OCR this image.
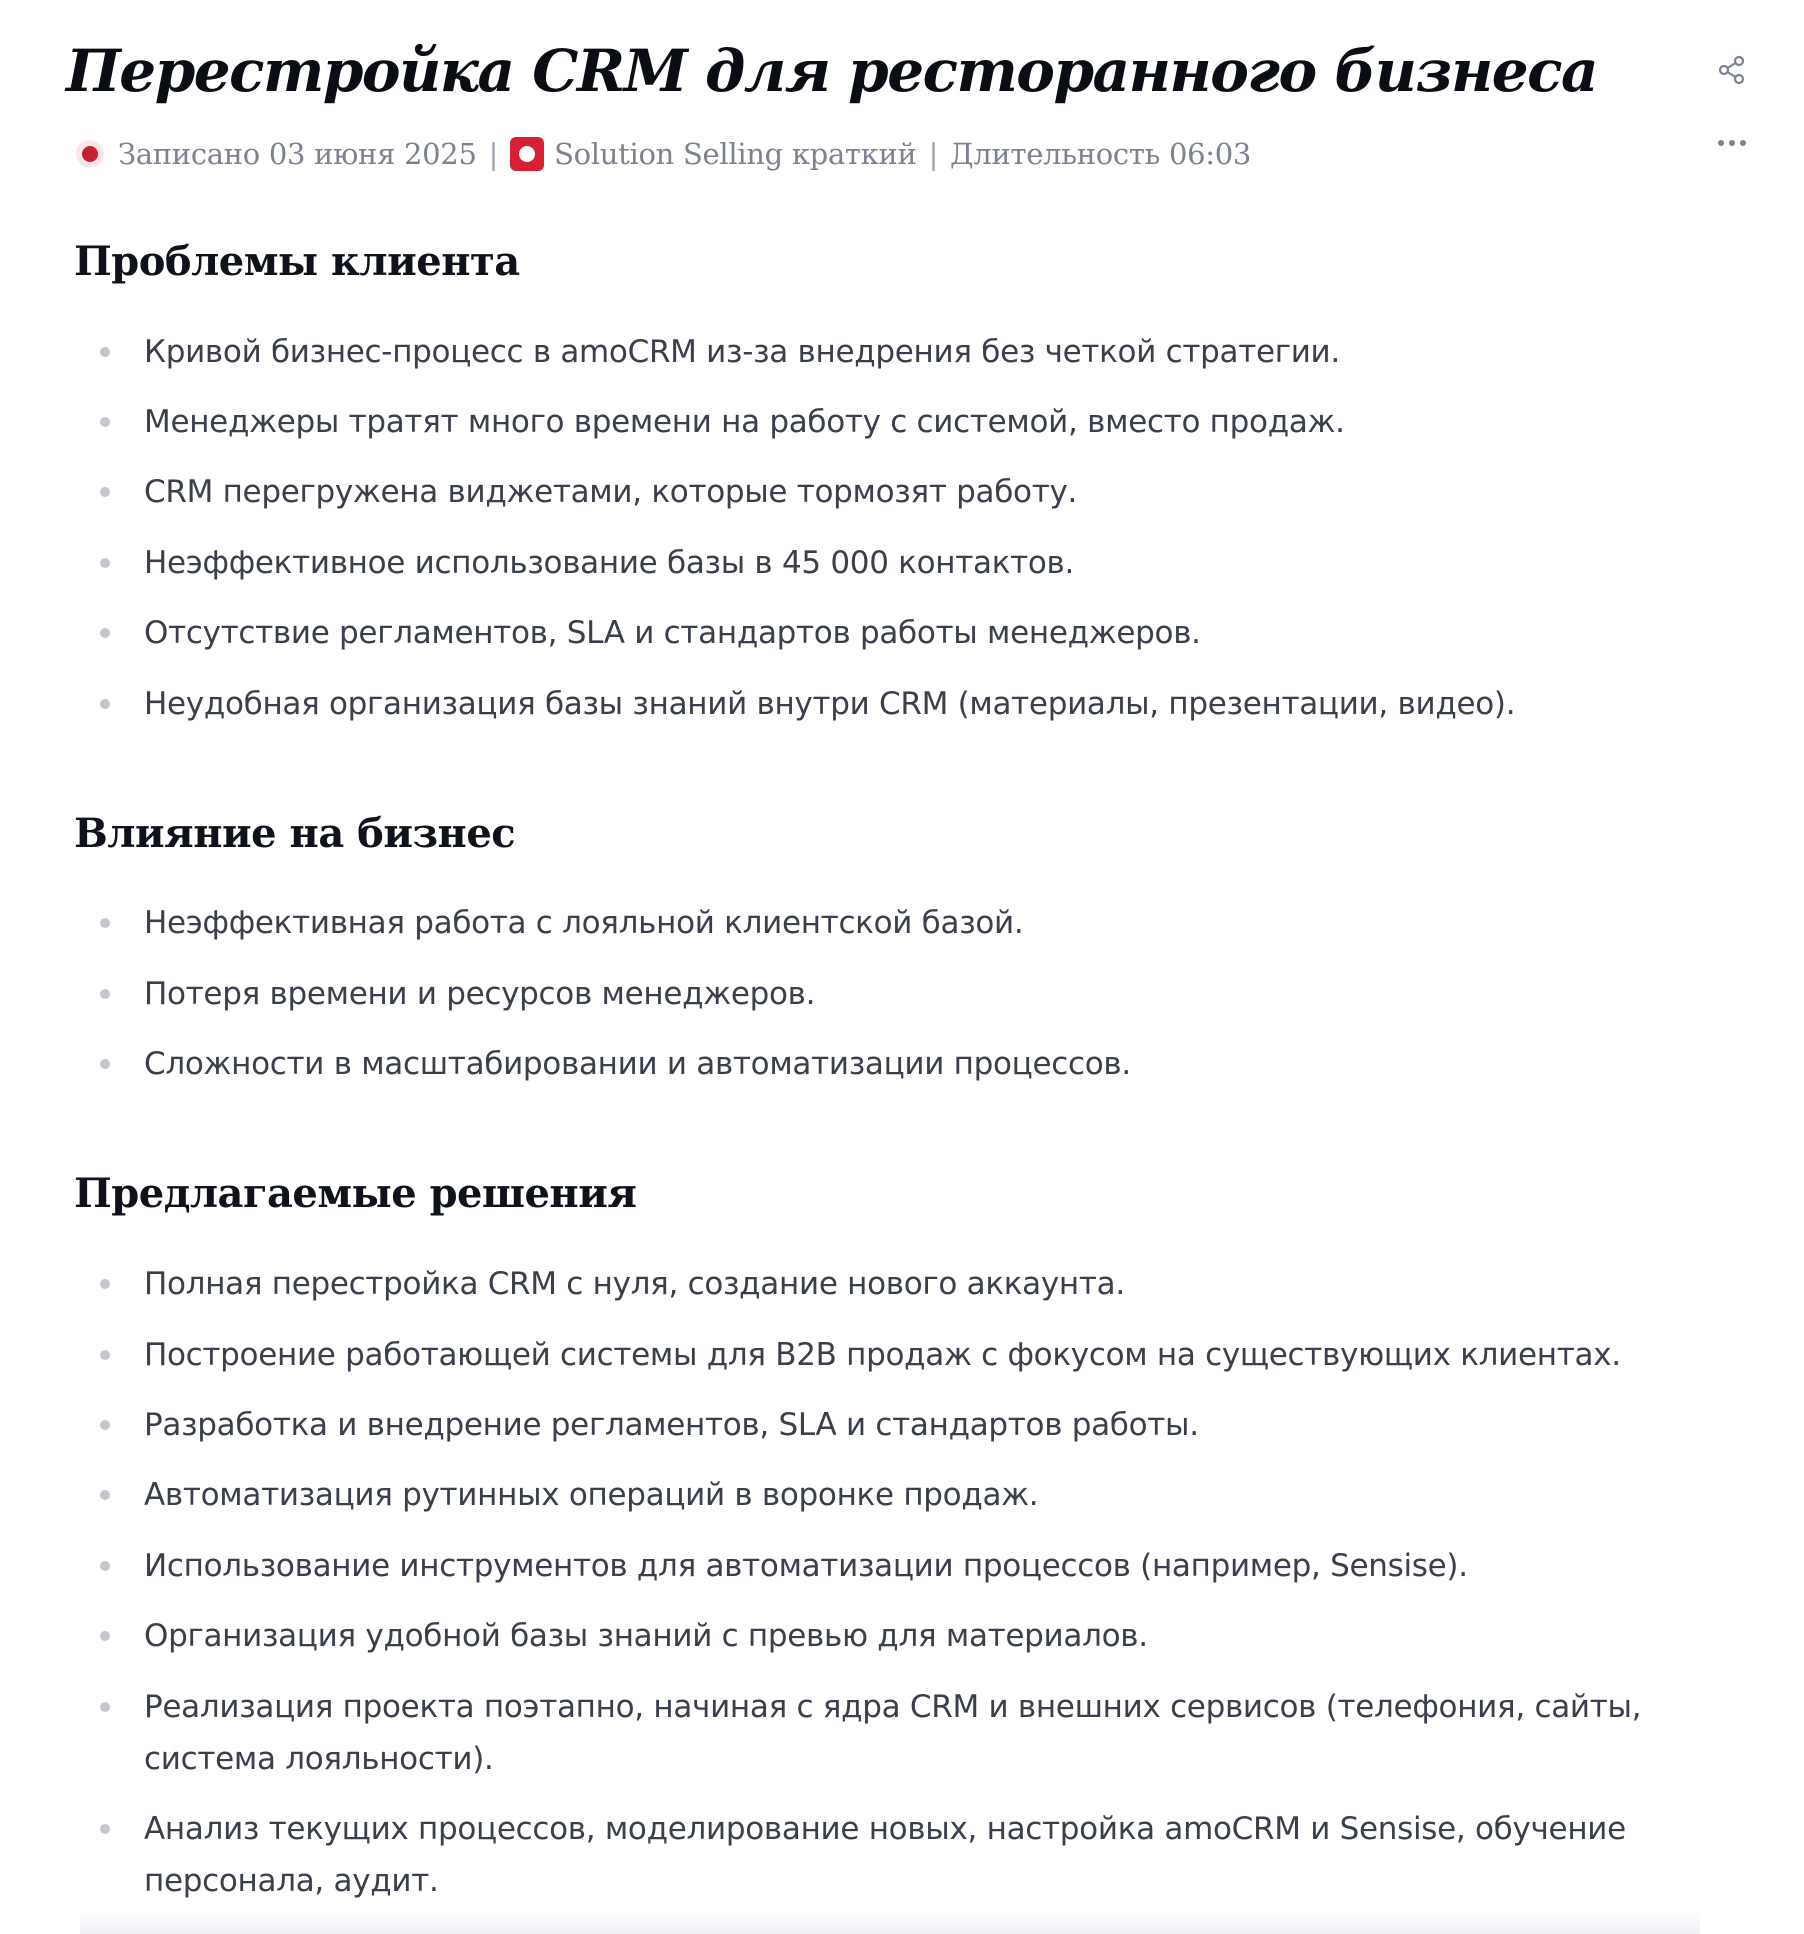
Перестройка CRM для ресторанного бизнеса
Записано 03 июня 2025 | Solution Selling краткий | Длительность 06:03
Проблемы клиента
Кривой бизнес-процесс в amoCRM из-за внедрения без четкой стратегии.
Менеджеры тратят много времени на работу с системой, вместо продаж.
CRM перегружена виджетами, которые тормозят работу.
Неэффективное использование базы в 45 000 контактов.
Отсутствие регламентов, SLA и стандартов работы менеджеров.
Неудобная организация базы знаний внутри CRM (материалы, презентации, видео).
Влияние на бизнес
Неэффективная работа с лояльной клиентской базой.
Потеря времени и ресурсов менеджеров.
Сложности в масштабировании и автоматизации процессов.
Предлагаемые решения
Полная перестройка CRM с нуля, создание нового аккаунта.
Построение работающей системы для B2B продаж с фокусом на существующих клиентах.
Разработка и внедрение регламентов, SLA и стандартов работы.
Автоматизация рутинных операций в воронке продаж.
Использование инструментов для автоматизации процессов (например, Sensise).
Организация удобной базы знаний с превью для материалов.
Реализация проекта поэтапно, начиная с ядра CRM и внешних сервисов (телефония, сайты, система лояльности).
Анализ текущих процессов, моделирование новых, настройка amoCRM и Sensise, обучение персонала, аудит.
